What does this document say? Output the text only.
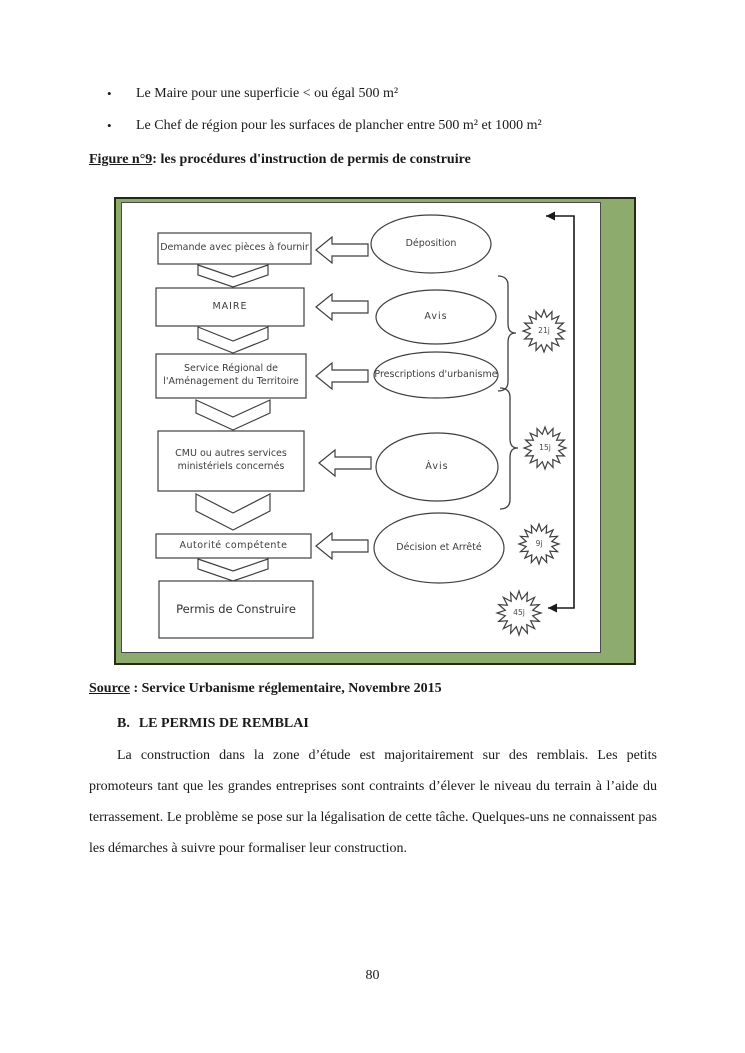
•	Le Maire pour une superficie < ou égal 500 m²
•	Le Chef de région pour les surfaces de plancher entre 500 m² et 1000 m²
Figure n°9: les procédures d'instruction de permis de construire
Demande avec pièces à fournir
MAIRE
Service Régional de l'Aménagement du Territoire
CMU ou autres services ministériels concernés
Autorité compétente
Permis de Construire
Déposition
Avis
Prescriptions d'urbanisme
Àvis
Décision et Arrêté
21j
15j
9j
45j
Source : Service Urbanisme réglementaire, Novembre 2015
B. LE PERMIS DE REMBLAI
La construction dans la zone d’étude est majoritairement sur des remblais. Les petits promoteurs tant que les grandes entreprises sont contraints d’élever le niveau du terrain à l’aide du terrassement. Le problème se pose sur la légalisation de cette tâche. Quelques-uns ne connaissent pas les démarches à suivre pour formaliser leur construction.
80
